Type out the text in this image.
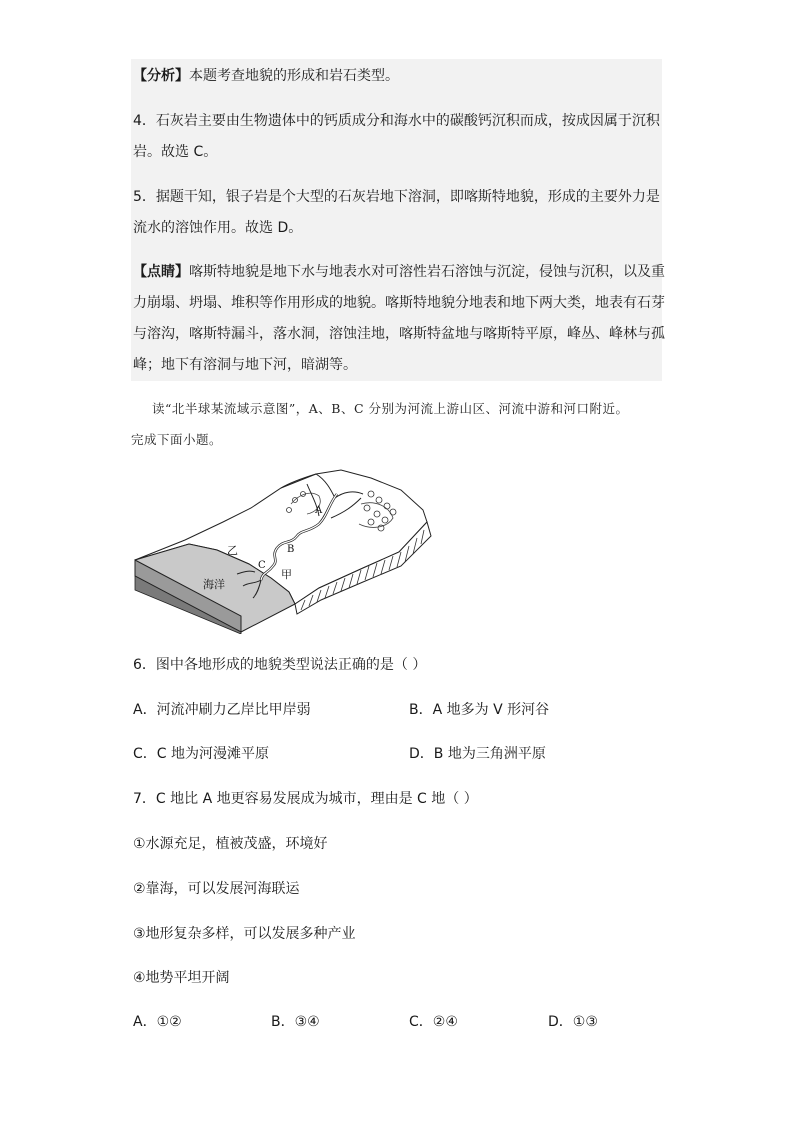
【分析】本题考查地貌的形成和岩石类型。
4．石灰岩主要由生物遗体中的钙质成分和海水中的碳酸钙沉积而成，按成因属于沉积
岩。故选 C。
5．据题干知，银子岩是个大型的石灰岩地下溶洞，即喀斯特地貌，形成的主要外力是
流水的溶蚀作用。故选 D。
【点睛】喀斯特地貌是地下水与地表水对可溶性岩石溶蚀与沉淀，侵蚀与沉积，以及重
力崩塌、坍塌、堆积等作用形成的地貌。喀斯特地貌分地表和地下两大类，地表有石芽
与溶沟，喀斯特漏斗，落水洞，溶蚀洼地，喀斯特盆地与喀斯特平原，峰丛、峰林与孤
峰；地下有溶洞与地下河，暗湖等。
读“北半球某流域示意图”，A、B、C 分别为河流上游山区、河流中游和河口附近。
完成下面小题。
A
B
乙
C
甲
海洋
6．图中各地形成的地貌类型说法正确的是（ ）
A．河流冲刷力乙岸比甲岸弱	B．A 地多为 V 形河谷
C．C 地为河漫滩平原	D．B 地为三角洲平原
7．C 地比 A 地更容易发展成为城市，理由是 C 地（ ）
①水源充足，植被茂盛，环境好
②靠海，可以发展河海联运
③地形复杂多样，可以发展多种产业
④地势平坦开阔
A．①②	B．③④	C．②④	D．①③
